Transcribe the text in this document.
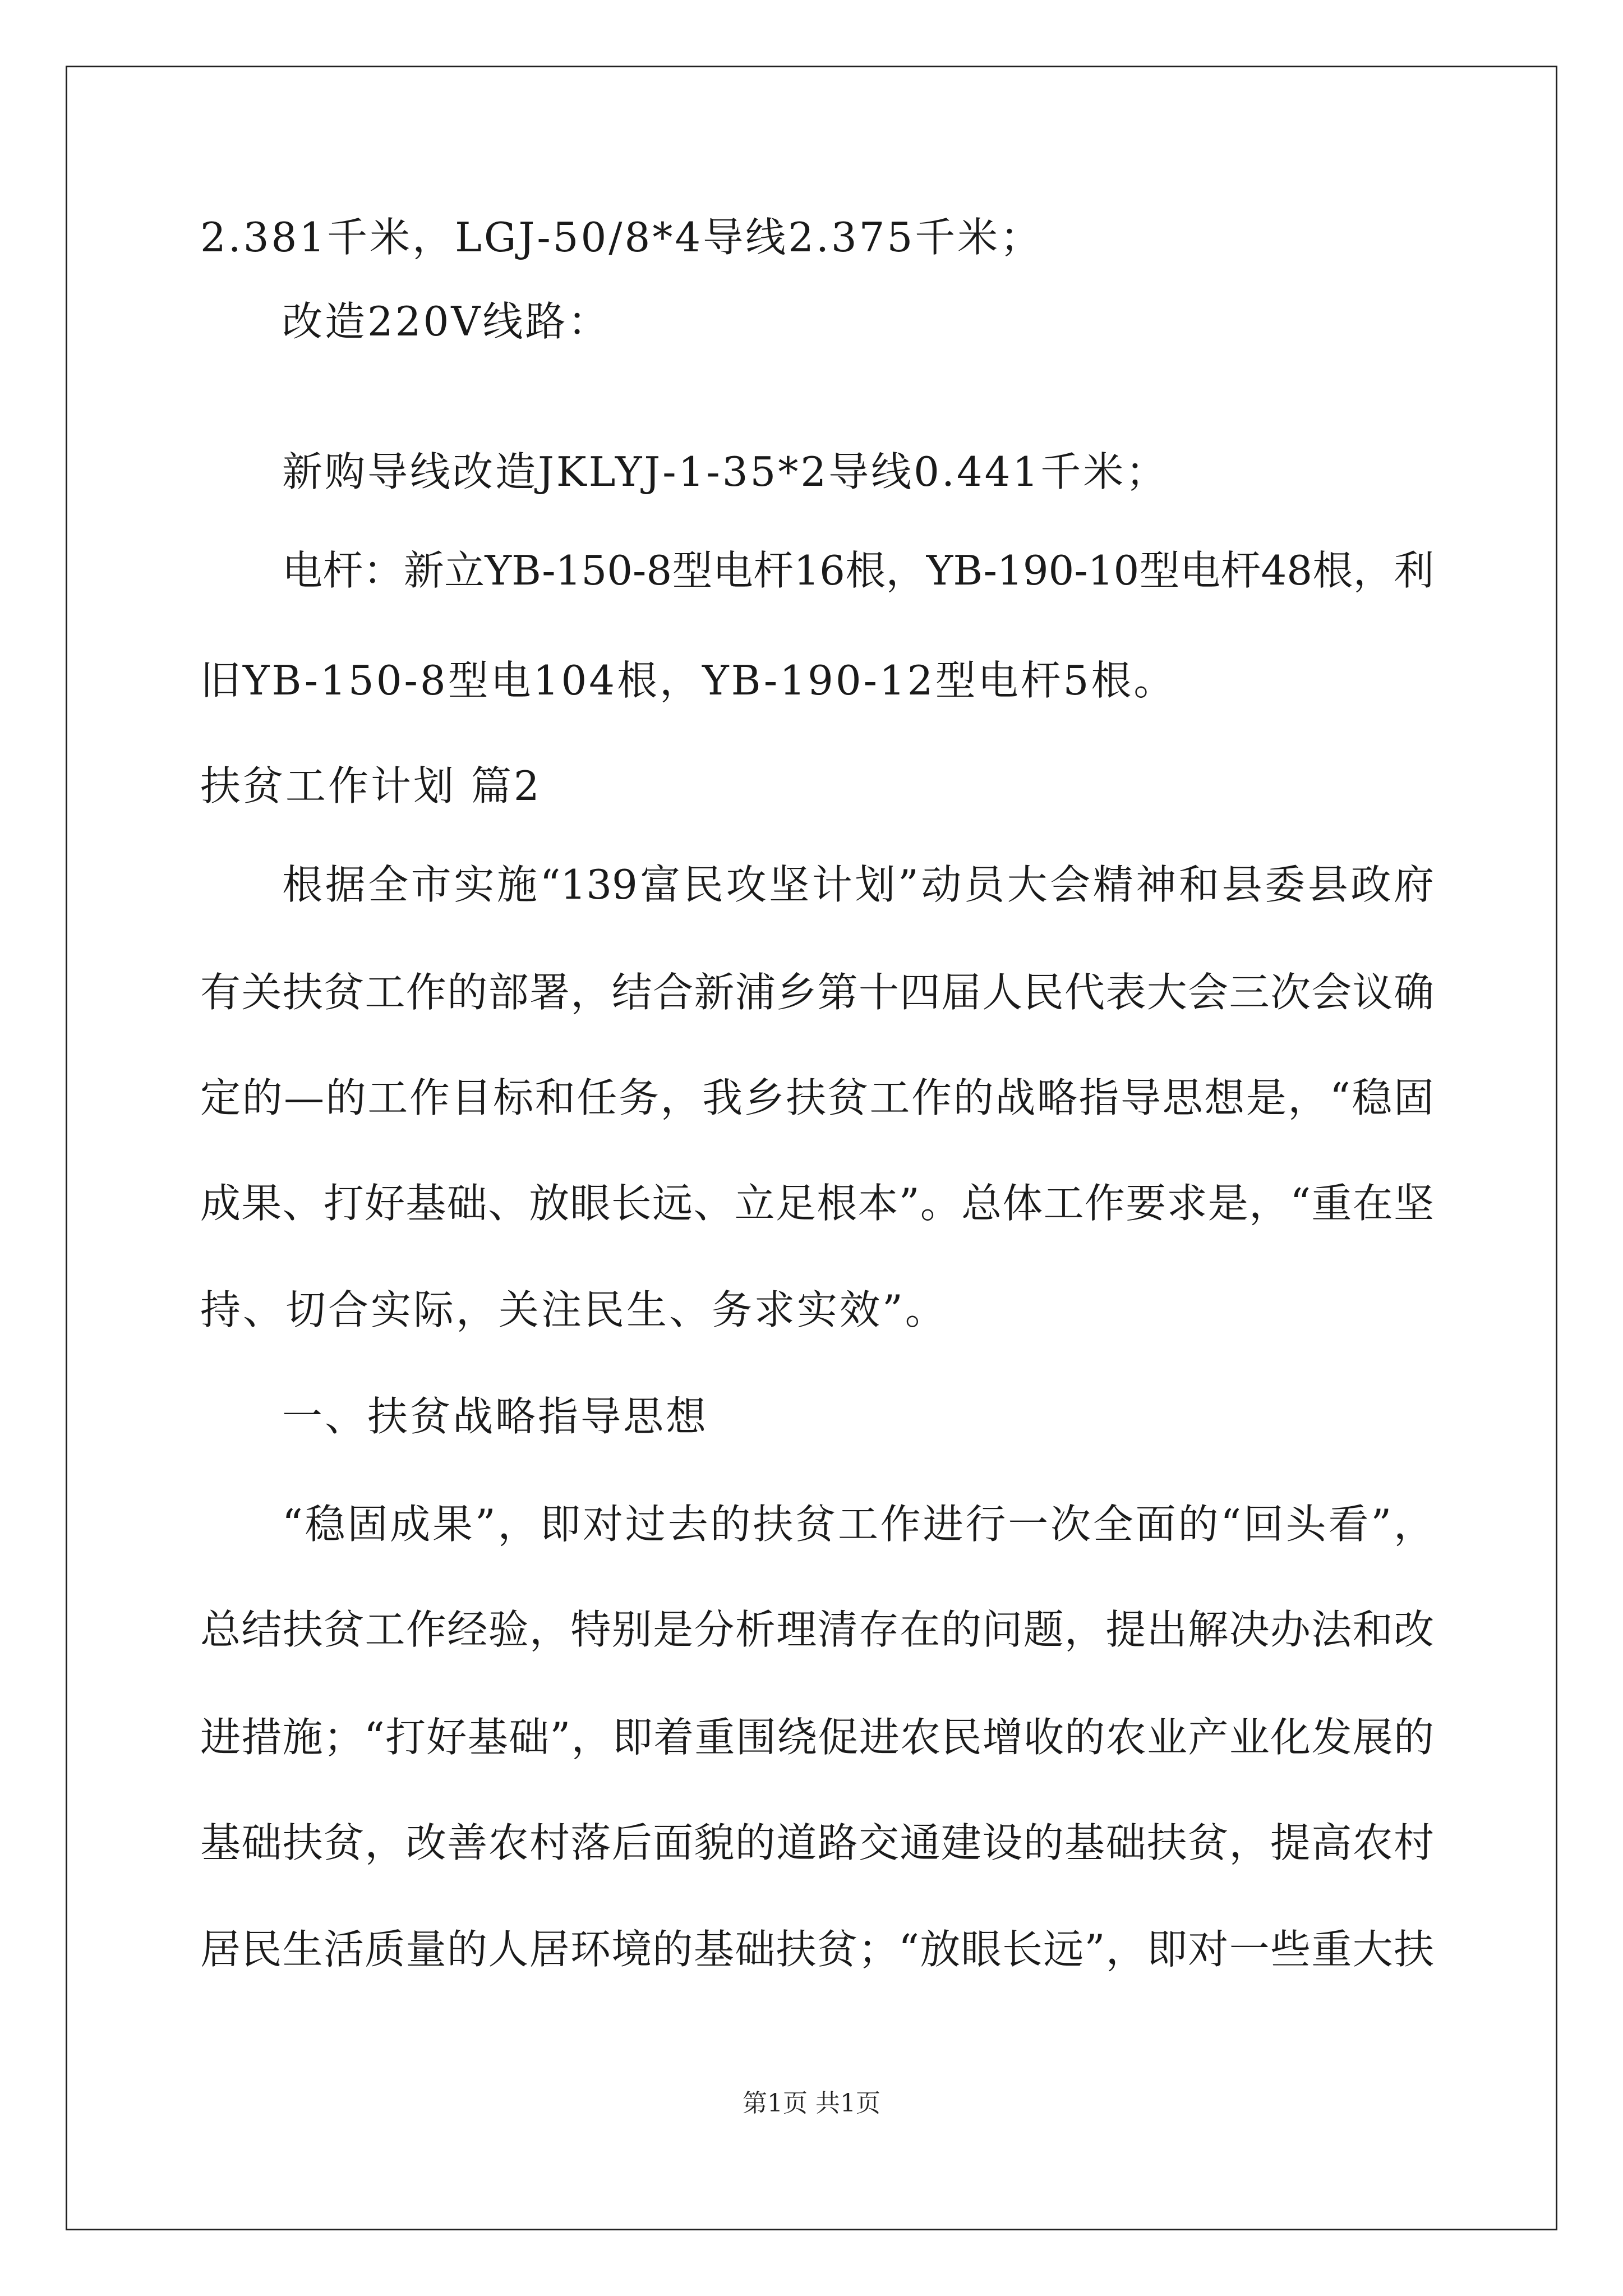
2.381千米，LGJ-50/8*4导线2.375千米；
改造220V线路：
新购导线改造JKLYJ-1-35*2导线0.441千米；
电杆：新立YB-150-8型电杆16根，YB-190-10型电杆48根，利
旧YB-150-8型电104根，YB-190-12型电杆5根。
扶贫工作计划 篇2
根据全市实施“139富民攻坚计划”动员大会精神和县委县政府
有关扶贫工作的部署，结合新浦乡第十四届人民代表大会三次会议确
定的—的工作目标和任务，我乡扶贫工作的战略指导思想是，“稳固
成果、打好基础、放眼长远、立足根本”。总体工作要求是，“重在坚
持、切合实际，关注民生、务求实效”。
一、扶贫战略指导思想
“稳固成果”，即对过去的扶贫工作进行一次全面的“回头看”，
总结扶贫工作经验，特别是分析理清存在的问题，提出解决办法和改
进措施；“打好基础”，即着重围绕促进农民增收的农业产业化发展的
基础扶贫，改善农村落后面貌的道路交通建设的基础扶贫，提高农村
居民生活质量的人居环境的基础扶贫；“放眼长远”，即对一些重大扶
第1页 共1页
